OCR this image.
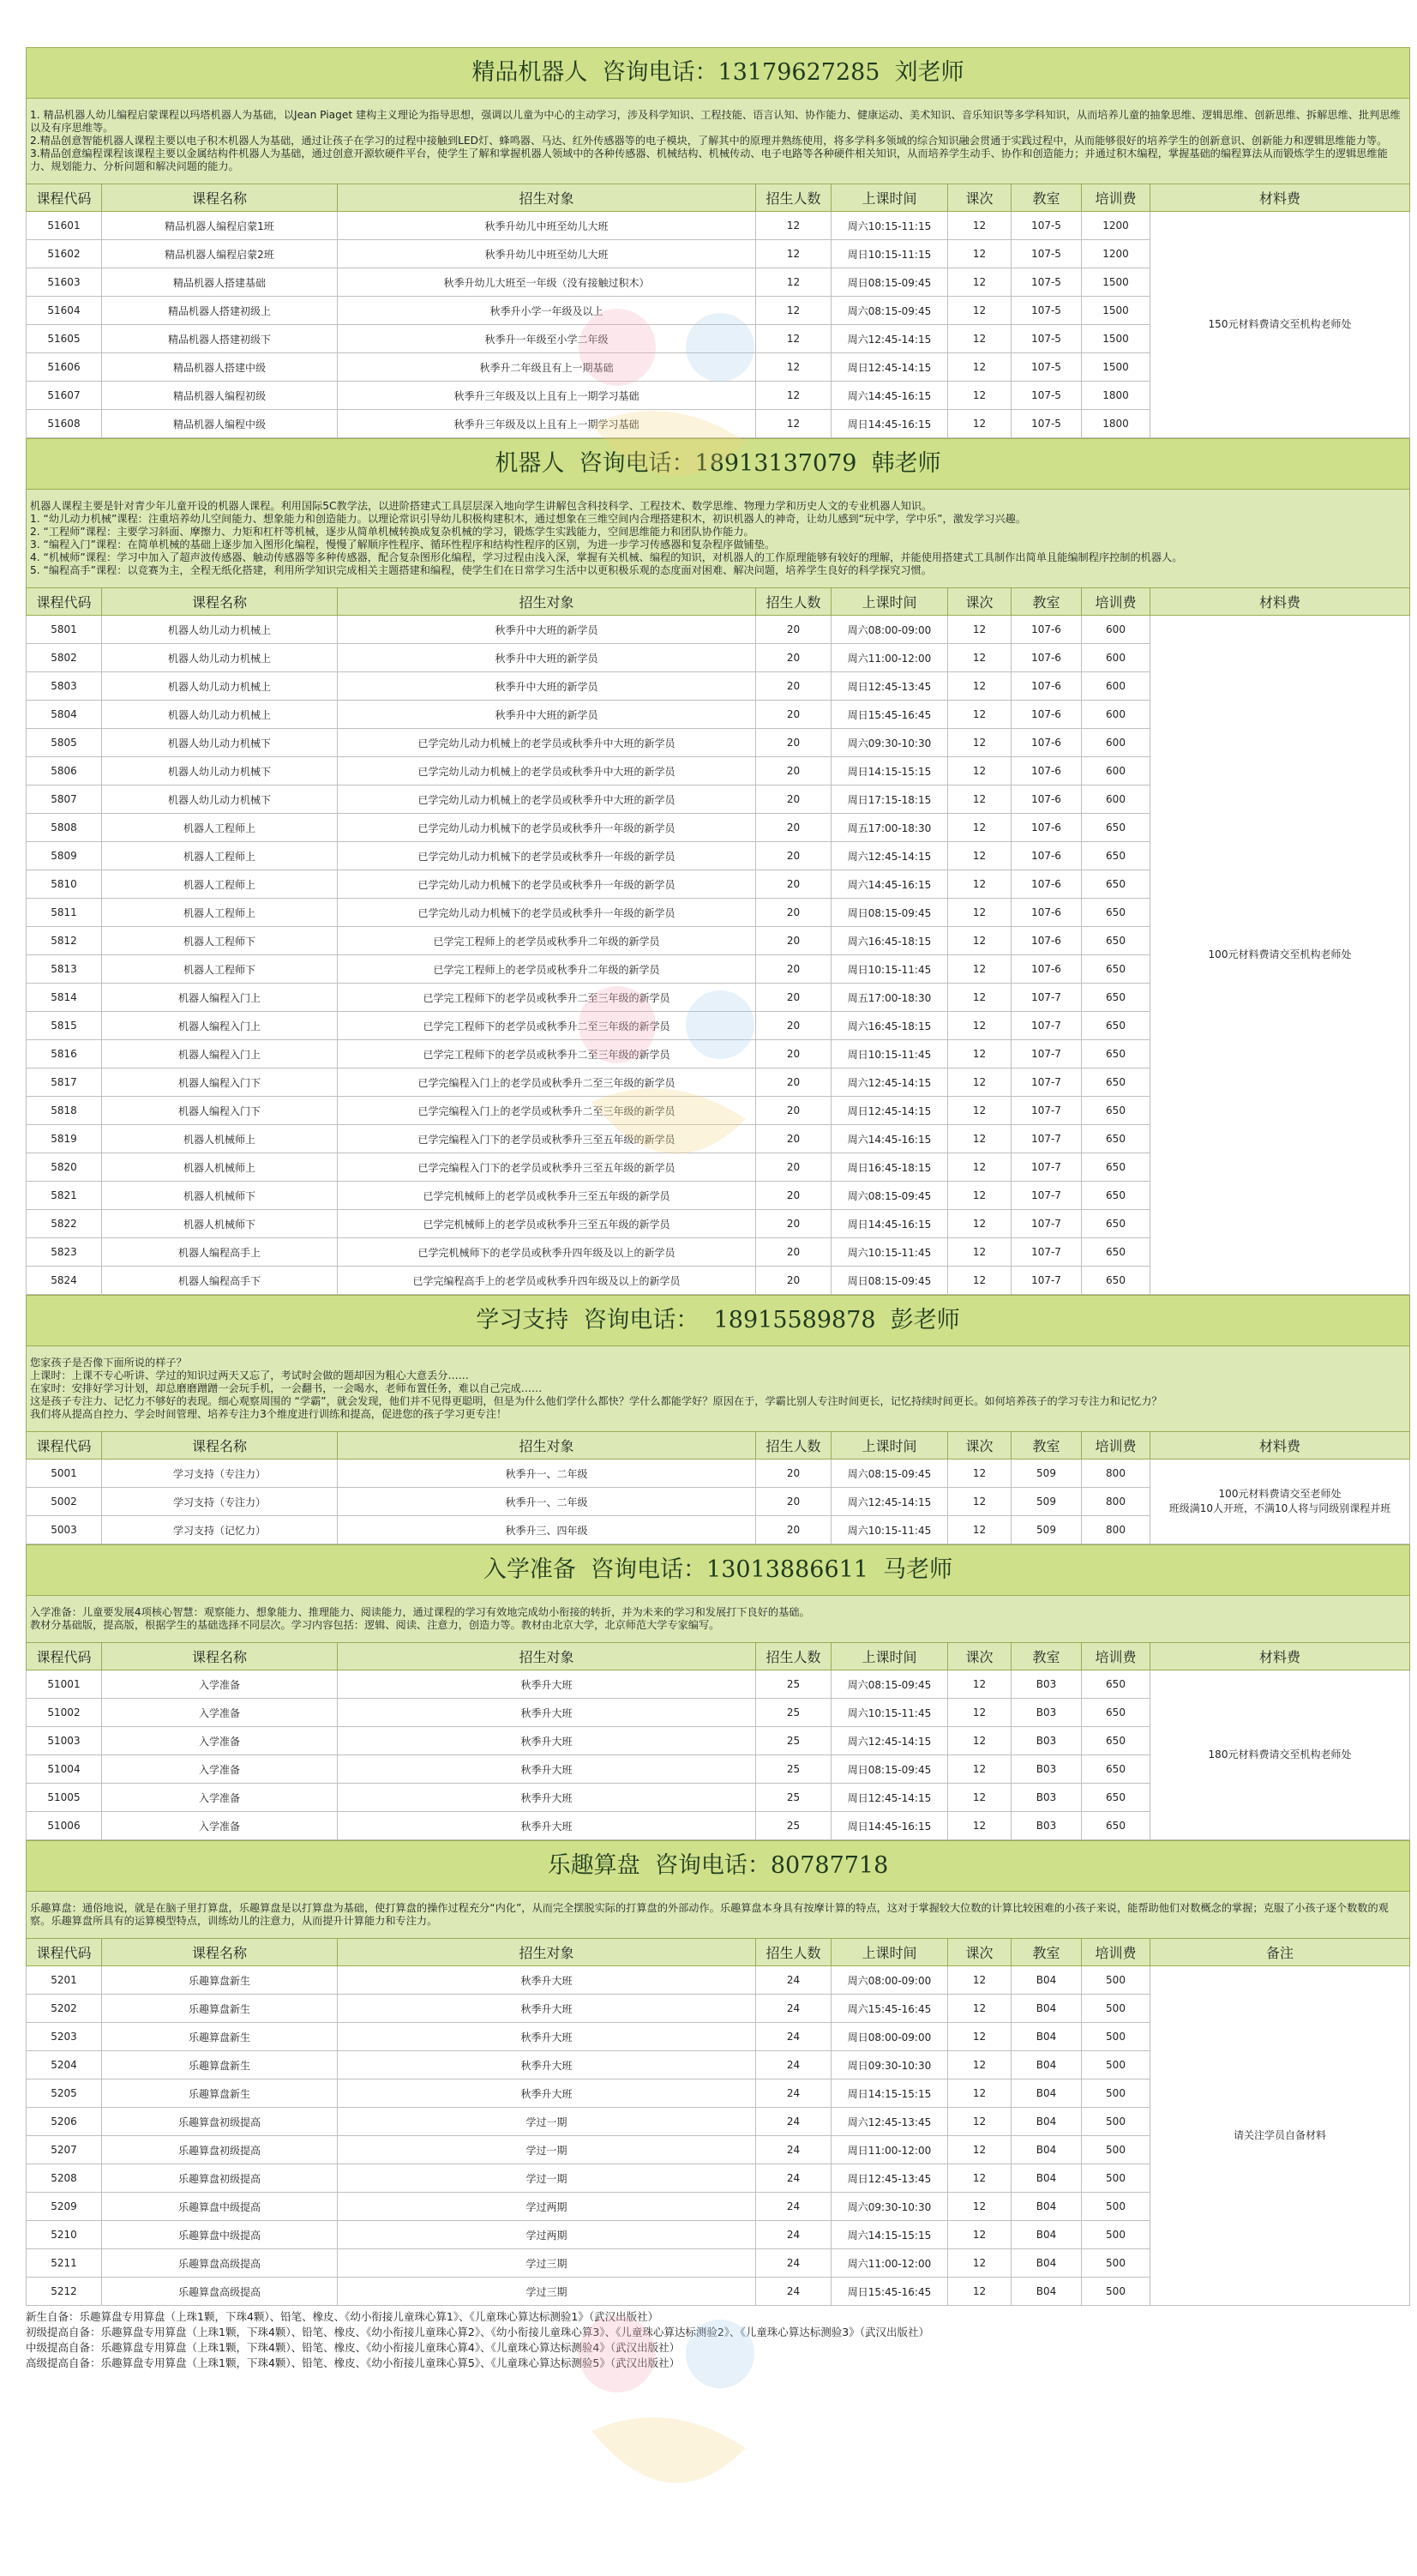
精品机器人 咨询电话：13179627285  刘老师

1. 精品机器人幼儿编程启蒙课程以玛塔机器人为基础，以Jean Piaget 建构主义理论为指导思想，强调以儿童为中心的主动学习，涉及科学知识、工程技能、语言认知、协作能力、健康运动、美术知识、音乐知识等多学科知识，从而培养儿童的抽象思维、逻辑思维、创新思维、拆解思维、批判思维以及有序思维等。

2.精品创意智能机器人课程主要以电子积木机器人为基础，通过让孩子在学习的过程中接触到LED灯、蜂鸣器、马达、红外传感器等的电子模块，了解其中的原理并熟练使用，将多学科多领域的综合知识融会贯通于实践过程中，从而能够很好的培养学生的创新意识、创新能力和逻辑思维能力等。

3.精品创意编程课程该课程主要以金属结构件机器人为基础，通过创意开源软硬件平台，使学生了解和掌握机器人领域中的各种传感器、机械结构、机械传动、电子电路等各种硬件相关知识，从而培养学生动手、协作和创造能力；并通过积木编程，掌握基础的编程算法从而锻炼学生的逻辑思维能力、规划能力、分析问题和解决问题的能力。

课程代码	课程名称	招生对象	招生人数	上课时间	课次	教室	培训费	材料费
51601	精品机器人编程启蒙1班	秋季升幼儿中班至幼儿大班	12	周六10:15-11:15	12	107-5	1200	150元材料费请交至机构老师处

51602	精品机器人编程启蒙2班	秋季升幼儿中班至幼儿大班	12	周日10:15-11:15	12	107-5	1200	
51603	精品机器人搭建基础	秋季升幼儿大班至一年级（没有接触过积木）	12	周日08:15-09:45	12	107-5	1500	
51604	精品机器人搭建初级上	秋季升小学一年级及以上	12	周六08:15-09:45	12	107-5	1500	
51605	精品机器人搭建初级下	秋季升一年级至小学二年级	12	周六12:45-14:15	12	107-5	1500	
51606	精品机器人搭建中级	秋季升二年级且有上一期基础	12	周日12:45-14:15	12	107-5	1500	
51607	精品机器人编程初级	秋季升三年级及以上且有上一期学习基础	12	周六14:45-16:15	12	107-5	1800	
51608	精品机器人编程中级	秋季升三年级及以上且有上一期学习基础	12	周日14:45-16:15	12	107-5	1800	
机器人 咨询电话：18913137079  韩老师

机器人课程主要是针对青少年儿童开设的机器人课程。利用国际5C教学法，以进阶搭建式工具层层深入地向学生讲解包含科技科学、工程技术、数学思维、物理力学和历史人文的专业机器人知识。

1. “幼儿动力机械”课程：注重培养幼儿空间能力、想象能力和创造能力。以理论常识引导幼儿积极构建积木，通过想象在三维空间内合理搭建积木，初识机器人的神奇，让幼儿感到“玩中学，学中乐”，激发学习兴趣。

2. “工程师”课程：主要学习斜面、摩擦力、力矩和杠杆等机械，逐步从简单机械转换成复杂机械的学习，锻炼学生实践能力，空间思维能力和团队协作能力。

3. “编程入门”课程：在简单机械的基础上逐步加入图形化编程，慢慢了解顺序性程序、循环性程序和结构性程序的区别，为进一步学习传感器和复杂程序做铺垫。

4. “机械师”课程：学习中加入了超声波传感器、触动传感器等多种传感器，配合复杂图形化编程，学习过程由浅入深，掌握有关机械、编程的知识，对机器人的工作原理能够有较好的理解，并能使用搭建式工具制作出简单且能编制程序控制的机器人。

5. “编程高手”课程：以竞赛为主，全程无纸化搭建，利用所学知识完成相关主题搭建和编程，使学生们在日常学习生活中以更积极乐观的态度面对困难、解决问题，培养学生良好的科学探究习惯。

课程代码	课程名称	招生对象	招生人数	上课时间	课次	教室	培训费	材料费
5801	机器人幼儿动力机械上	秋季升中大班的新学员	20	周六08:00-09:00	12	107-6	600	100元材料费请交至机构老师处

5802	机器人幼儿动力机械上	秋季升中大班的新学员	20	周六11:00-12:00	12	107-6	600	
5803	机器人幼儿动力机械上	秋季升中大班的新学员	20	周日12:45-13:45	12	107-6	600	
5804	机器人幼儿动力机械上	秋季升中大班的新学员	20	周日15:45-16:45	12	107-6	600	
5805	机器人幼儿动力机械下	已学完幼儿动力机械上的老学员或秋季升中大班的新学员	20	周六09:30-10:30	12	107-6	600	
5806	机器人幼儿动力机械下	已学完幼儿动力机械上的老学员或秋季升中大班的新学员	20	周日14:15-15:15	12	107-6	600	
5807	机器人幼儿动力机械下	已学完幼儿动力机械上的老学员或秋季升中大班的新学员	20	周日17:15-18:15	12	107-6	600	
5808	机器人工程师上	已学完幼儿动力机械下的老学员或秋季升一年级的新学员	20	周五17:00-18:30	12	107-6	650	
5809	机器人工程师上	已学完幼儿动力机械下的老学员或秋季升一年级的新学员	20	周六12:45-14:15	12	107-6	650	
5810	机器人工程师上	已学完幼儿动力机械下的老学员或秋季升一年级的新学员	20	周六14:45-16:15	12	107-6	650	
5811	机器人工程师上	已学完幼儿动力机械下的老学员或秋季升一年级的新学员	20	周日08:15-09:45	12	107-6	650	
5812	机器人工程师下	已学完工程师上的老学员或秋季升二年级的新学员	20	周六16:45-18:15	12	107-6	650	
5813	机器人工程师下	已学完工程师上的老学员或秋季升二年级的新学员	20	周日10:15-11:45	12	107-6	650	
5814	机器人编程入门上	已学完工程师下的老学员或秋季升二至三年级的新学员	20	周五17:00-18:30	12	107-7	650	
5815	机器人编程入门上	已学完工程师下的老学员或秋季升二至三年级的新学员	20	周六16:45-18:15	12	107-7	650	
5816	机器人编程入门上	已学完工程师下的老学员或秋季升二至三年级的新学员	20	周日10:15-11:45	12	107-7	650	
5817	机器人编程入门下	已学完编程入门上的老学员或秋季升二至三年级的新学员	20	周六12:45-14:15	12	107-7	650	
5818	机器人编程入门下	已学完编程入门上的老学员或秋季升二至三年级的新学员	20	周日12:45-14:15	12	107-7	650	
5819	机器人机械师上	已学完编程入门下的老学员或秋季升三至五年级的新学员	20	周六14:45-16:15	12	107-7	650	
5820	机器人机械师上	已学完编程入门下的老学员或秋季升三至五年级的新学员	20	周日16:45-18:15	12	107-7	650	
5821	机器人机械师下	已学完机械师上的老学员或秋季升三至五年级的新学员	20	周六08:15-09:45	12	107-7	650	
5822	机器人机械师下	已学完机械师上的老学员或秋季升三至五年级的新学员	20	周日14:45-16:15	12	107-7	650	
5823	机器人编程高手上	已学完机械师下的老学员或秋季升四年级及以上的新学员	20	周六10:15-11:45	12	107-7	650	
5824	机器人编程高手下	已学完编程高手上的老学员或秋季升四年级及以上的新学员	20	周日08:15-09:45	12	107-7	650	
学习支持 咨询电话：  18915589878  彭老师

您家孩子是否像下面所说的样子？

上课时：上课不专心听讲、学过的知识过两天又忘了，考试时会做的题却因为粗心大意丢分……

在家时：安排好学习计划，却总磨磨蹭蹭一会玩手机，一会翻书，一会喝水，老师布置任务，难以自己完成……

这是孩子专注力、记忆力不够好的表现。细心观察周围的 “学霸”，就会发现，他们并不见得更聪明，但是为什么他们学什么都快？学什么都能学好？原因在于，学霸比别人专注时间更长，记忆持续时间更长。如何培养孩子的学习专注力和记忆力？

我们将从提高自控力、学会时间管理、培养专注力3个维度进行训练和提高，促进您的孩子学习更专注！

课程代码	课程名称	招生对象	招生人数	上课时间	课次	教室	培训费	材料费
5001	学习支持（专注力）	秋季升一、二年级	20	周六08:15-09:45	12	509	800	100元材料费请交至老师处
班级满10人开班，不满10人将与同级别课程并班

5002	学习支持（专注力）	秋季升一、二年级	20	周六12:45-14:15	12	509	800	
5003	学习支持（记忆力）	秋季升三、四年级	20	周六10:15-11:45	12	509	800	
入学准备 咨询电话：13013886611  马老师

入学准备：儿童要发展4项核心智慧：观察能力、想象能力、推理能力、阅读能力，通过课程的学习有效地完成幼小衔接的转折，并为未来的学习和发展打下良好的基础。

教材分基础版，提高版，根据学生的基础选择不同层次。学习内容包括：逻辑、阅读、注意力，创造力等。教材由北京大学，北京师范大学专家编写。

课程代码	课程名称	招生对象	招生人数	上课时间	课次	教室	培训费	材料费
51001	入学准备	秋季升大班	25	周六08:15-09:45	12	B03	650	180元材料费请交至机构老师处

51002	入学准备	秋季升大班	25	周六10:15-11:45	12	B03	650	
51003	入学准备	秋季升大班	25	周六12:45-14:15	12	B03	650	
51004	入学准备	秋季升大班	25	周日08:15-09:45	12	B03	650	
51005	入学准备	秋季升大班	25	周日12:45-14:15	12	B03	650	
51006	入学准备	秋季升大班	25	周日14:45-16:15	12	B03	650	
乐趣算盘 咨询电话：80787718

乐趣算盘：通俗地说，就是在脑子里打算盘，乐趣算盘是以打算盘为基础，使打算盘的操作过程充分“内化”，从而完全摆脱实际的打算盘的外部动作。乐趣算盘本身具有按摩计算的特点，这对于掌握较大位数的计算比较困难的小孩子来说，能帮助他们对数概念的掌握；克服了小孩子逐个数数的观察。乐趣算盘所具有的运算模型特点，训练幼儿的注意力，从而提升计算能力和专注力。

课程代码	课程名称	招生对象	招生人数	上课时间	课次	教室	培训费	备注
5201	乐趣算盘新生	秋季升大班	24	周六08:00-09:00	12	B04	500	请关注学员自备材料

5202	乐趣算盘新生	秋季升大班	24	周六15:45-16:45	12	B04	500	
5203	乐趣算盘新生	秋季升大班	24	周日08:00-09:00	12	B04	500	
5204	乐趣算盘新生	秋季升大班	24	周日09:30-10:30	12	B04	500	
5205	乐趣算盘新生	秋季升大班	24	周日14:15-15:15	12	B04	500	
5206	乐趣算盘初级提高	学过一期	24	周六12:45-13:45	12	B04	500	
5207	乐趣算盘初级提高	学过一期	24	周日11:00-12:00	12	B04	500	
5208	乐趣算盘初级提高	学过一期	24	周日12:45-13:45	12	B04	500	
5209	乐趣算盘中级提高	学过两期	24	周六09:30-10:30	12	B04	500	
5210	乐趣算盘中级提高	学过两期	24	周六14:15-15:15	12	B04	500	
5211	乐趣算盘高级提高	学过三期	24	周六11:00-12:00	12	B04	500	
5212	乐趣算盘高级提高	学过三期	24	周日15:45-16:45	12	B04	500	

新生自备：乐趣算盘专用算盘（上珠1颗，下珠4颗）、铅笔、橡皮、《幼小衔接儿童珠心算1》、《儿童珠心算达标测验1》（武汉出版社）

初级提高自备：乐趣算盘专用算盘（上珠1颗，下珠4颗）、铅笔、橡皮、《幼小衔接儿童珠心算2》、《幼小衔接儿童珠心算3》、《儿童珠心算达标测验2》、《儿童珠心算达标测验3》（武汉出版社）

中级提高自备：乐趣算盘专用算盘（上珠1颗，下珠4颗）、铅笔、橡皮、《幼小衔接儿童珠心算4》、《儿童珠心算达标测验4》（武汉出版社）

高级提高自备：乐趣算盘专用算盘（上珠1颗，下珠4颗）、铅笔、橡皮、《幼小衔接儿童珠心算5》、《儿童珠心算达标测验5》（武汉出版社）
